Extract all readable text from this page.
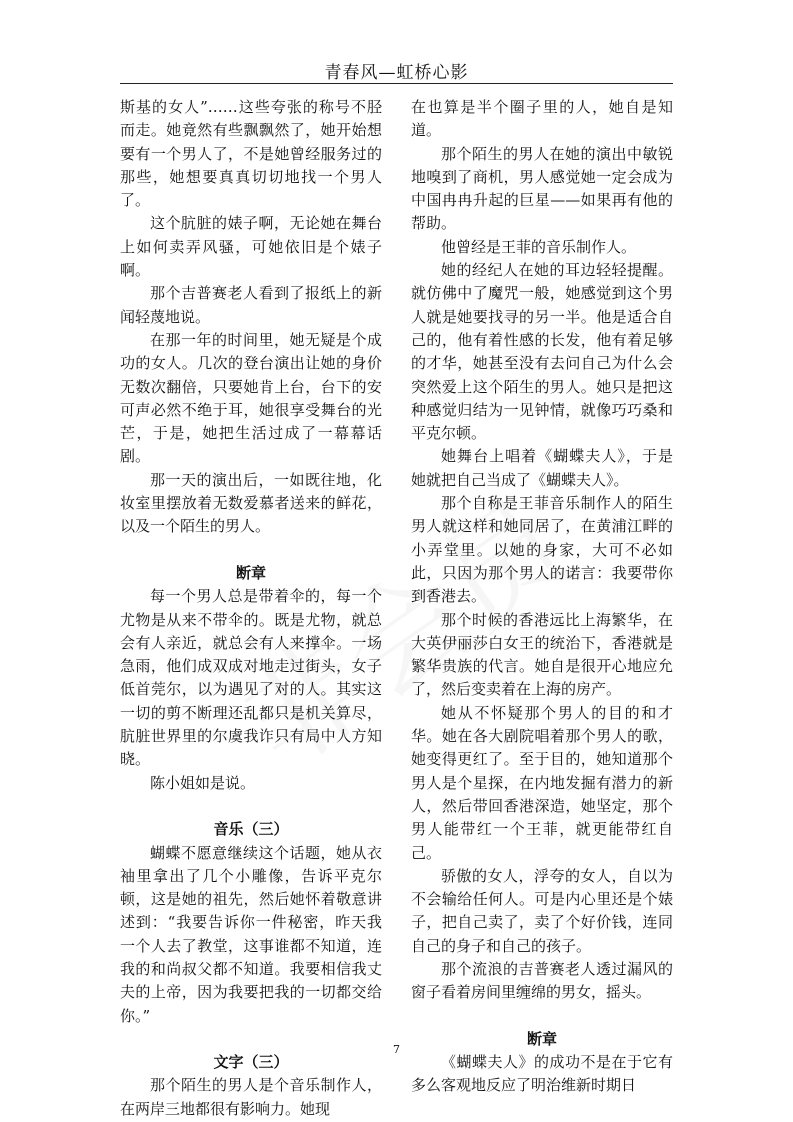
青春风—虹桥心影

斯基的女人”……这些夸张的称号不胫而走。她竟然有些飘飘然了，她开始想要有一个男人了，不是她曾经服务过的那些，她想要真真切切地找一个男人了。

这个肮脏的婊子啊，无论她在舞台上如何卖弄风骚，可她依旧是个婊子啊。

那个吉普赛老人看到了报纸上的新闻轻蔑地说。

在那一年的时间里，她无疑是个成功的女人。几次的登台演出让她的身价无数次翻倍，只要她肯上台，台下的安可声必然不绝于耳，她很享受舞台的光芒，于是，她把生活过成了一幕幕话剧。

那一天的演出后，一如既往地，化妆室里摆放着无数爱慕者送来的鲜花，以及一个陌生的男人。

断章

每一个男人总是带着伞的，每一个尤物是从来不带伞的。既是尤物，就总会有人亲近，就总会有人来撑伞。一场急雨，他们成双成对地走过街头，女子低首莞尔，以为遇见了对的人。其实这一切的剪不断理还乱都只是机关算尽，肮脏世界里的尔虞我诈只有局中人方知晓。

陈小姐如是说。

音乐（三）

蝴蝶不愿意继续这个话题，她从衣袖里拿出了几个小雕像，告诉平克尔顿，这是她的祖先，然后她怀着敬意讲述到：“我要告诉你一件秘密，昨天我一个人去了教堂，这事谁都不知道，连我的和尚叔父都不知道。我要相信我丈夫的上帝，因为我要把我的一切都交给你。”

文字（三）

那个陌生的男人是个音乐制作人，在两岸三地都很有影响力。她现

在也算是半个圈子里的人，她自是知道。

那个陌生的男人在她的演出中敏锐地嗅到了商机，男人感觉她一定会成为中国冉冉升起的巨星——如果再有他的帮助。

他曾经是王菲的音乐制作人。

她的经纪人在她的耳边轻轻提醒。就仿佛中了魔咒一般，她感觉到这个男人就是她要找寻的另一半。他是适合自己的，他有着性感的长发，他有着足够的才华，她甚至没有去问自己为什么会突然爱上这个陌生的男人。她只是把这种感觉归结为一见钟情，就像巧巧桑和平克尔顿。

她舞台上唱着《蝴蝶夫人》，于是她就把自己当成了《蝴蝶夫人》。

那个自称是王菲音乐制作人的陌生男人就这样和她同居了，在黄浦江畔的小弄堂里。以她的身家，大可不必如此，只因为那个男人的诺言：我要带你到香港去。

那个时候的香港远比上海繁华，在大英伊丽莎白女王的统治下，香港就是繁华贵族的代言。她自是很开心地应允了，然后变卖着在上海的房产。

她从不怀疑那个男人的目的和才华。她在各大剧院唱着那个男人的歌，她变得更红了。至于目的，她知道那个男人是个星探，在内地发掘有潜力的新人，然后带回香港深造，她坚定，那个男人能带红一个王菲，就更能带红自己。

骄傲的女人，浮夸的女人，自以为不会输给任何人。可是内心里还是个婊子，把自己卖了，卖了个好价钱，连同自己的身子和自己的孩子。

那个流浪的吉普赛老人透过漏风的窗子看着房间里缠绵的男女，摇头。

断章

《蝴蝶夫人》的成功不是在于它有多么客观地反应了明治维新时期日

7
